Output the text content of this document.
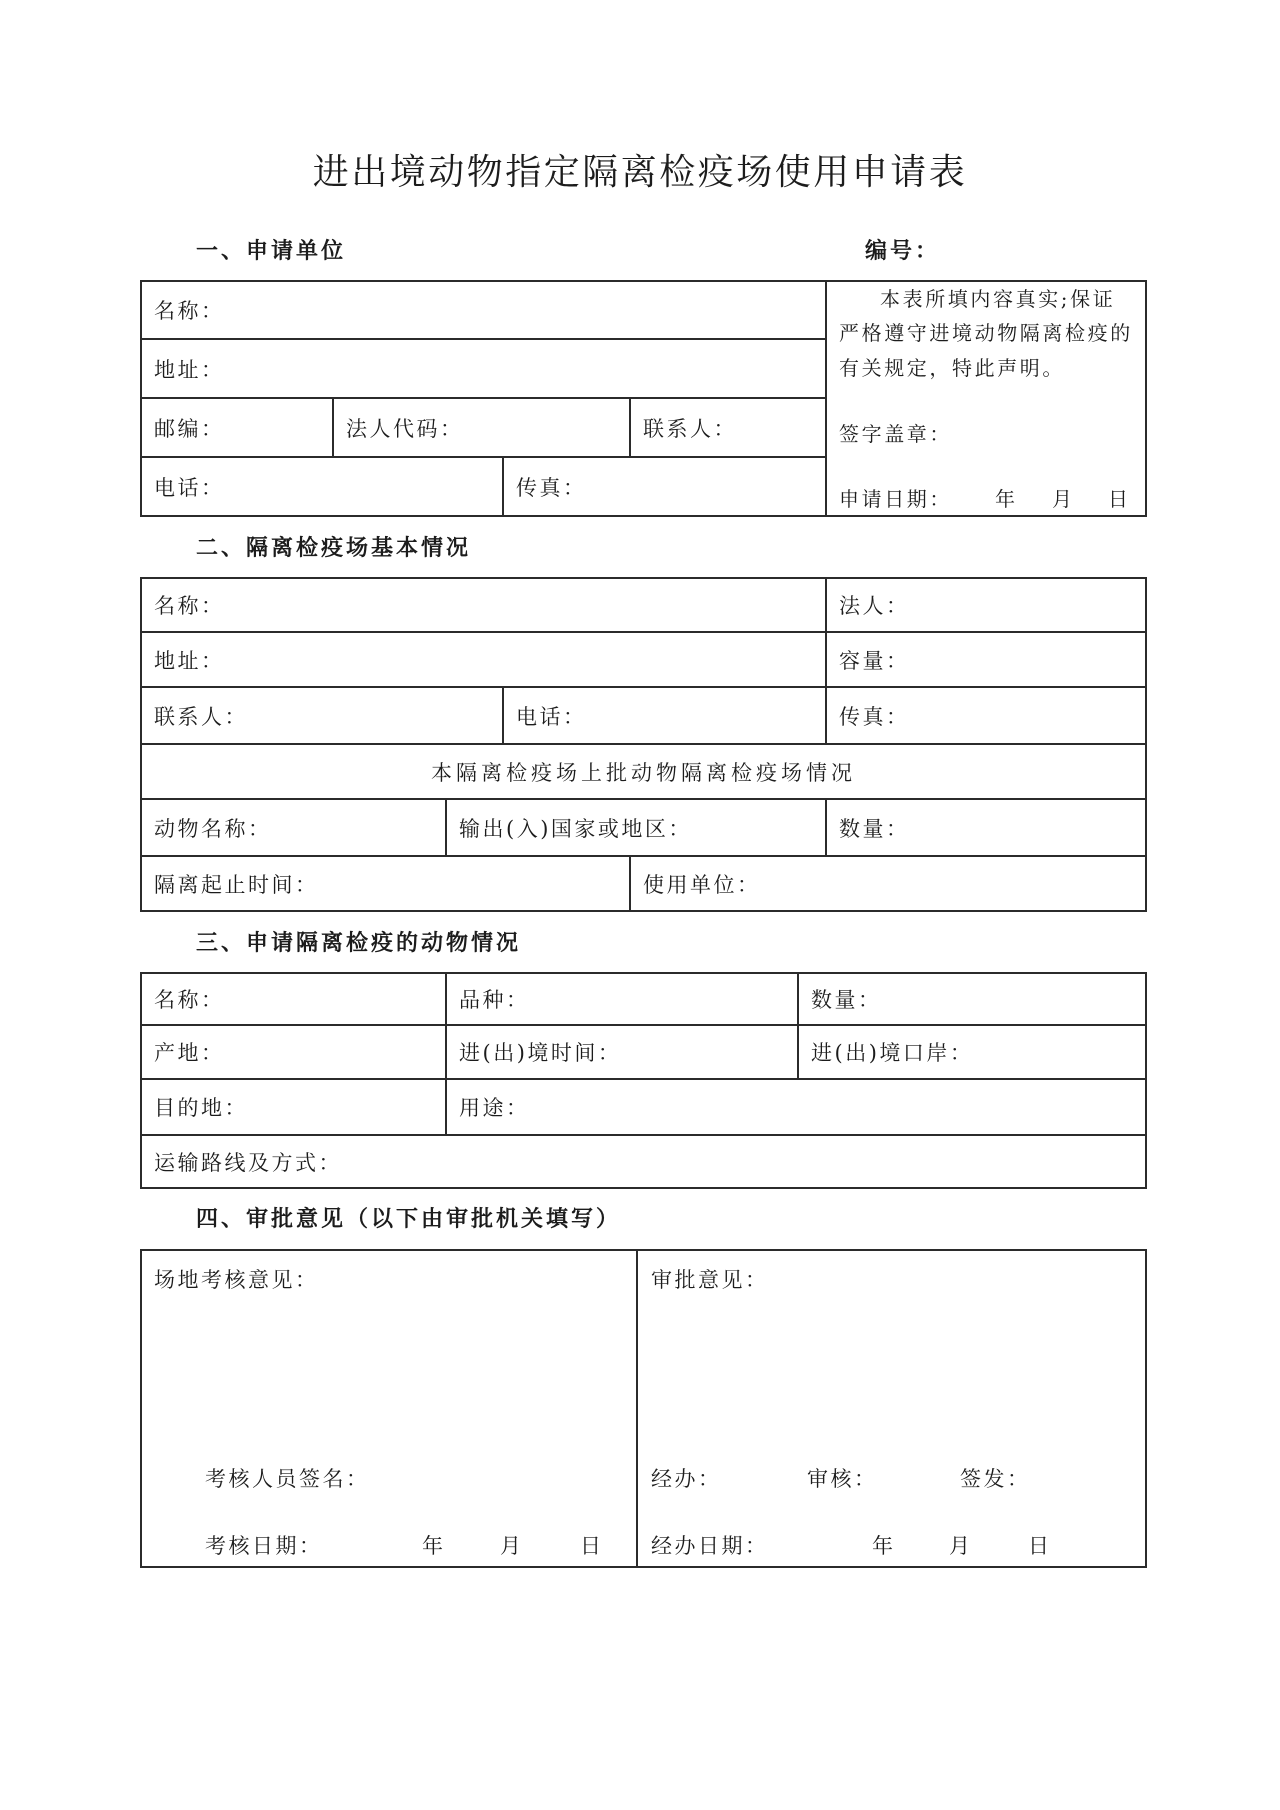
进出境动物指定隔离检疫场使用申请表
一、申请单位	编号：
名称：
地址：
邮编：	法人代码：	联系人：
电话：	传真：
本表所填内容真实;保证
严格遵守进境动物隔离检疫的
有关规定，特此声明。
签字盖章：
申请日期： 年 月 日
二、隔离检疫场基本情况
名称：	法人：
地址：	容量：
联系人：	电话：	传真：
本隔离检疫场上批动物隔离检疫场情况
动物名称：	输出(入)国家或地区：	数量：
隔离起止时间：	使用单位：
三、申请隔离检疫的动物情况
名称：	品种：	数量：
产地：	进(出)境时间：	进(出)境口岸：
目的地：	用途：
运输路线及方式：
四、审批意见（以下由审批机关填写）
场地考核意见：
考核人员签名：
考核日期：	年	月	日
审批意见：
经办：	审核：	签发：
经办日期：	年	月	日
